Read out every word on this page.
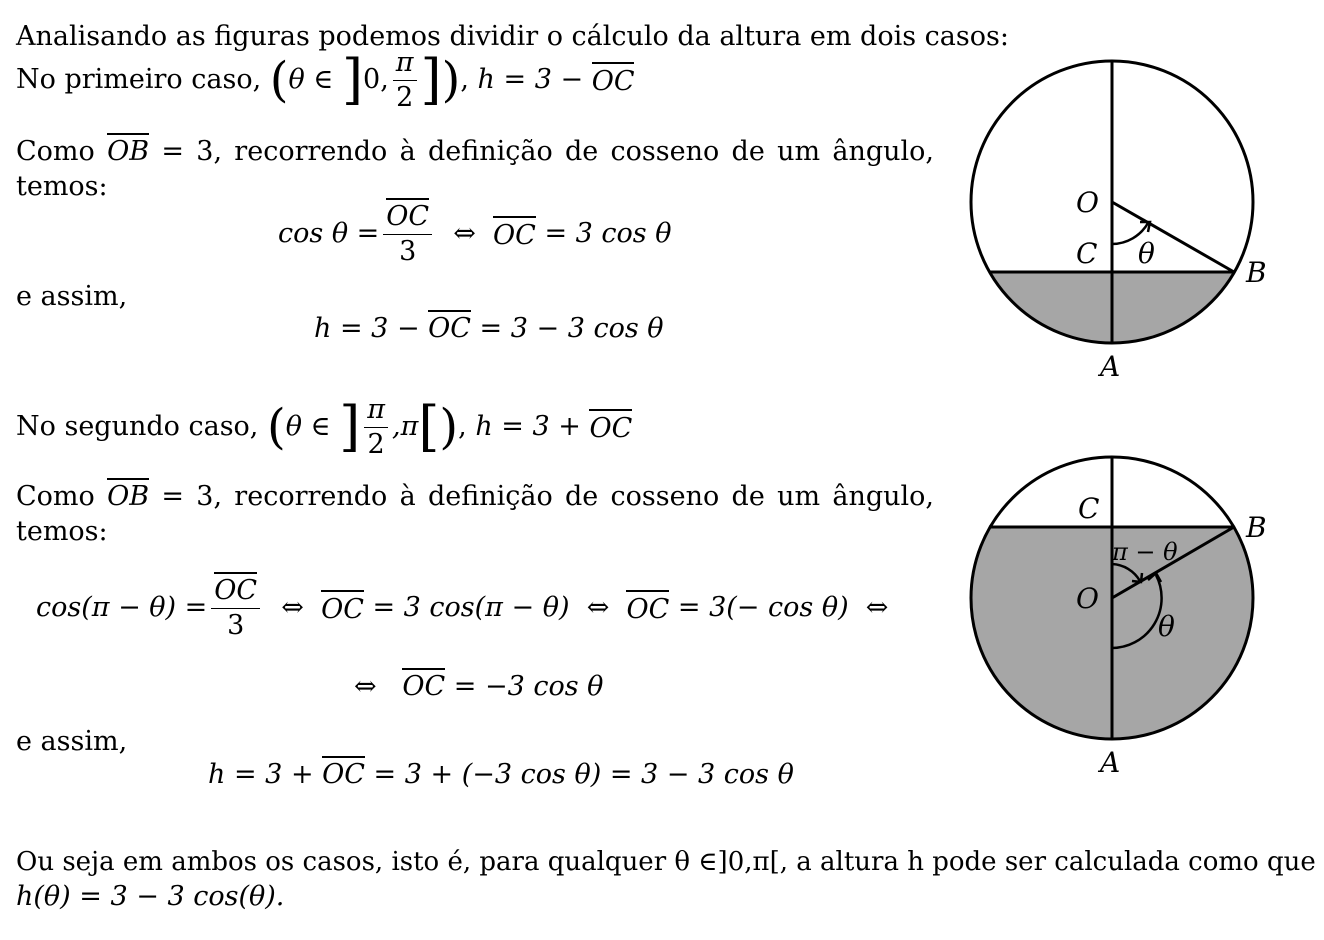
Analisando as figuras podemos dividir o cálculo da altura em dois casos:
No primeiro caso,
( θ
∈
] 0, $\frac{\pi}{2}$ ] ) , h = 3 −
OC
Como OB = 3, recorrendo à definição de cosseno de um ângulo,
temos:
$\cos \theta = \frac{OC}{3}$
⇔
OC
= 3 cos θ
e assim,
h = 3 − OC = 3 − 3 cos θ
No segundo caso,
( θ
∈
] $\frac{\pi}{2} ,\pi$ [ ) , h = 3 +
OC
Como OB = 3, recorrendo à definição de cosseno de um ângulo,
temos:
$\cos(\pi - \theta) = \frac{OC}{3}$
⇔
OC
= 3 cos(π − θ)
⇔
OC
= 3(− cos θ)
⇔
⇔ OC = −3 cos θ
e assim,
h = 3 + OC = 3 + (−3 cos θ) = 3 − 3 cos θ
Ou seja em ambos os casos, isto é, para qualquer θ ∈]0,π[, a altura h pode ser calculada como que
h(θ) = 3 − 3 cos(θ).
O
C θ
B
A
C
B
π − θ
O
θ
A
